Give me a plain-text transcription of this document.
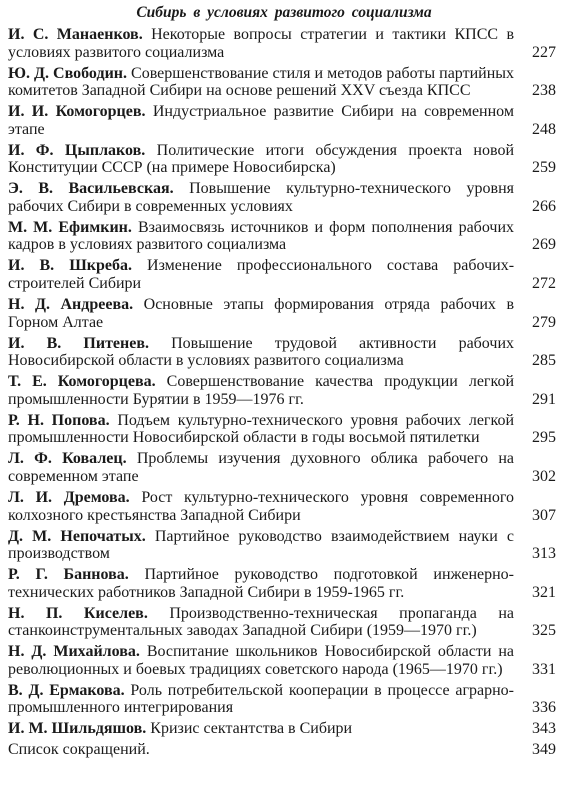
Сибирь в условиях развитого социализма
И. С. Манаенков. Некоторые вопросы стратегии и тактики КПСС в условиях развитого социализма	227
Ю. Д. Свободин. Совершенствование стиля и методов работы партийных комитетов Западной Сибири на основе решений XXV съезда КПСС	238
И. И. Комогорцев. Индустриальное развитие Сибири на современном этапе	248
И. Ф. Цыплаков. Политические итоги обсуждения проекта новой Конституции СССР (на примере Новосибирска)	259
Э. В. Васильевская. Повышение культурно-технического уровня рабочих Сибири в современных условиях	266
М. М. Ефимкин. Взаимосвязь источников и форм пополнения рабочих кадров в условиях развитого социализма	269
И. В. Шкреба. Изменение профессионального состава рабочих-строителей Сибири	272
Н. Д. Андреева. Основные этапы формирования отряда рабочих в Горном Алтае	279
И. В. Питенев. Повышение трудовой активности рабочих Новосибирской области в условиях развитого социализма	285
Т. Е. Комогорцева. Совершенствование качества продукции легкой промышленности Бурятии в 1959—1976 гг.	291
Р. Н. Попова. Подъем культурно-технического уровня рабочих легкой промышленности Новосибирской области в годы восьмой пятилетки	295
Л. Ф. Ковалец. Проблемы изучения духовного облика рабочего на современном этапе	302
Л. И. Дремова. Рост культурно-технического уровня современного колхозного крестьянства Западной Сибири	307
Д. М. Непочатых. Партийное руководство взаимодействием науки с производством	313
Р. Г. Баннова. Партийное руководство подготовкой инженерно-технических работников Западной Сибири в 1959-1965 гг.	321
Н. П. Киселев. Производственно-техническая пропаганда на станкоинструментальных заводах Западной Сибири (1959—1970 гг.)	325
Н. Д. Михайлова. Воспитание школьников Новосибирской области на революционных и боевых традициях советского народа (1965—1970 гг.)	331
В. Д. Ермакова. Роль потребительской кооперации в процессе аграрно-промышленного интегрирования	336
И. М. Шильдяшов. Кризис сектантства в Сибири	343
Список сокращений.	349
